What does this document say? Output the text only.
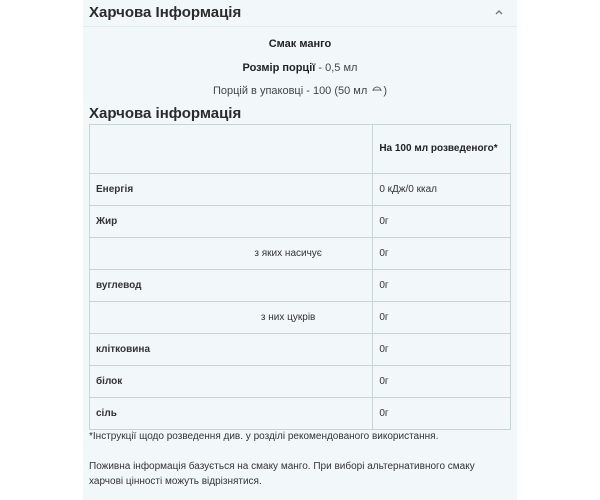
Харчова Інформація
Смак манго
Розмір порції - 0,5 мл
Порцій в упаковці - 100 (50 мл )
Харчова інформація
	На 100 мл розведеного*
Енергія	0 кДж/0 ккал
Жир	0г
з яких насичує	0г
вуглевод	0г
з них цукрів	0г
клітковина	0г
білок	0г
сіль	0г
*Інструкції щодо розведення див. у розділі рекомендованого використання.
Поживна інформація базується на смаку манго. При виборі альтернативного смаку харчові цінності можуть відрізнятися.
